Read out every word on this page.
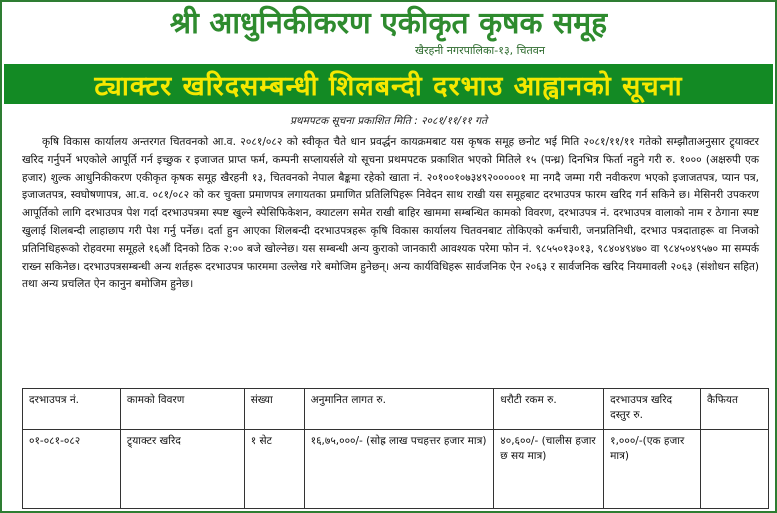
श्री आधुनिकीकरण एकीकृत कृषक समूह
खैरहनी नगरपालिका-१३, चितवन
ट्याक्टर खरिदसम्बन्धी शिलबन्दी दरभाउ आह्वानको सूचना
प्रथमपटक सूचना प्रकाशित मिति : २०८१/११/११ गते

कृषि विकास कार्यालय अन्तरगत चितवनको आ.व. २०८१/०८२ को स्वीकृत चैते धान प्रवर्द्धन कायक्रमबाट यस कृषक समूह छनोट भई मिति २०८१/११/११ गतेको सम्झौताअनुसार ट्र्याक्टर खरिद गर्नुपर्ने भएकोले आपूर्ति गर्न इच्छुक र इजाजत प्राप्त फर्म, कम्पनी सप्लायर्सले यो सूचना प्रथमपटक प्रकाशित भएको मितिले १५ (पन्ध्र) दिनभित्र फिर्ता नहुने गरी रु. १००० (अक्षरुपी एक हजार) शुल्क आधुनिकीकरण एकीकृत कृषक समूह खैरहनी १३, चितवनको नेपाल बैङ्कमा रहेको खाता नं. २०१००१०७३४९२०००००१ मा नगदै जम्मा गरी नवीकरण भएको इजाजतपत्र, प्यान पत्र, इजाजतपत्र, स्वघोषणापत्र, आ.व. ०८१/०८२ को कर चुक्ता प्रमाणपत्र लगायतका प्रमाणित प्रतिलिपिहरू निवेदन साथ राखी यस समूहबाट दरभाउपत्र फारम खरिद गर्न सकिने छ। मेसिनरी उपकरण आपूर्तिको लागि दरभाउपत्र पेश गर्दा दरभाउपत्रमा स्पष्ट खुल्ने स्पेसिफिकेशन, क्याटलग समेत राखी बाहिर खाममा सम्बन्धित कामको विवरण, दरभाउपत्र नं. दरभाउपत्र वालाको नाम र ठेगाना स्पष्ट खुलाई शिलबन्दी लाहाछाप गरी पेश गर्नु पर्नेछ। दर्ता हुन आएका शिलबन्दी दरभाउपत्रहरू कृषि विकास कार्यालय चितवनबाट तोकिएको कर्मचारी, जनप्रतिनिधी, दरभाउ पत्रदाताहरू वा निजको प्रतिनिधिहरूको रोहवरमा समूहले १६औं दिनको ठिक २:०० बजे खोल्नेछ। यस सम्बन्धी अन्य कुराको जानकारी आवश्यक परेमा फोन नं. ९८५५०१३०१३, ९८४०४९४७० वा ९८४५०४९५७० मा सम्पर्क राख्न सकिनेछ। दरभाउपत्रसम्बन्धी अन्य शर्तहरू दरभाउपत्र फारममा उल्लेख गरे बमोजिम हुनेछन्। अन्य कार्यविधिहरू सार्वजनिक ऐन २०६३ र सार्वजनिक खरिद नियमावली २०६३ (संशोधन सहित) तथा अन्य प्रचलित ऐन कानुन बमोजिम हुनेछ।

दरभाउपत्र नं.	कामको विवरण	संख्या	अनुमानित लागत रु.	धरौटी रकम रु.	दरभाउपत्र खरिद दस्तुर रु.	कैफियत
०१-०८१-०८२	ट्र्याक्टर खरिद	१ सेट	१६,७५,०००/- (सोह्र लाख पचहत्तर हजार मात्र)	४०,६००/- (चालीस हजार छ सय मात्र)	१,०००/-(एक हजार मात्र)	
